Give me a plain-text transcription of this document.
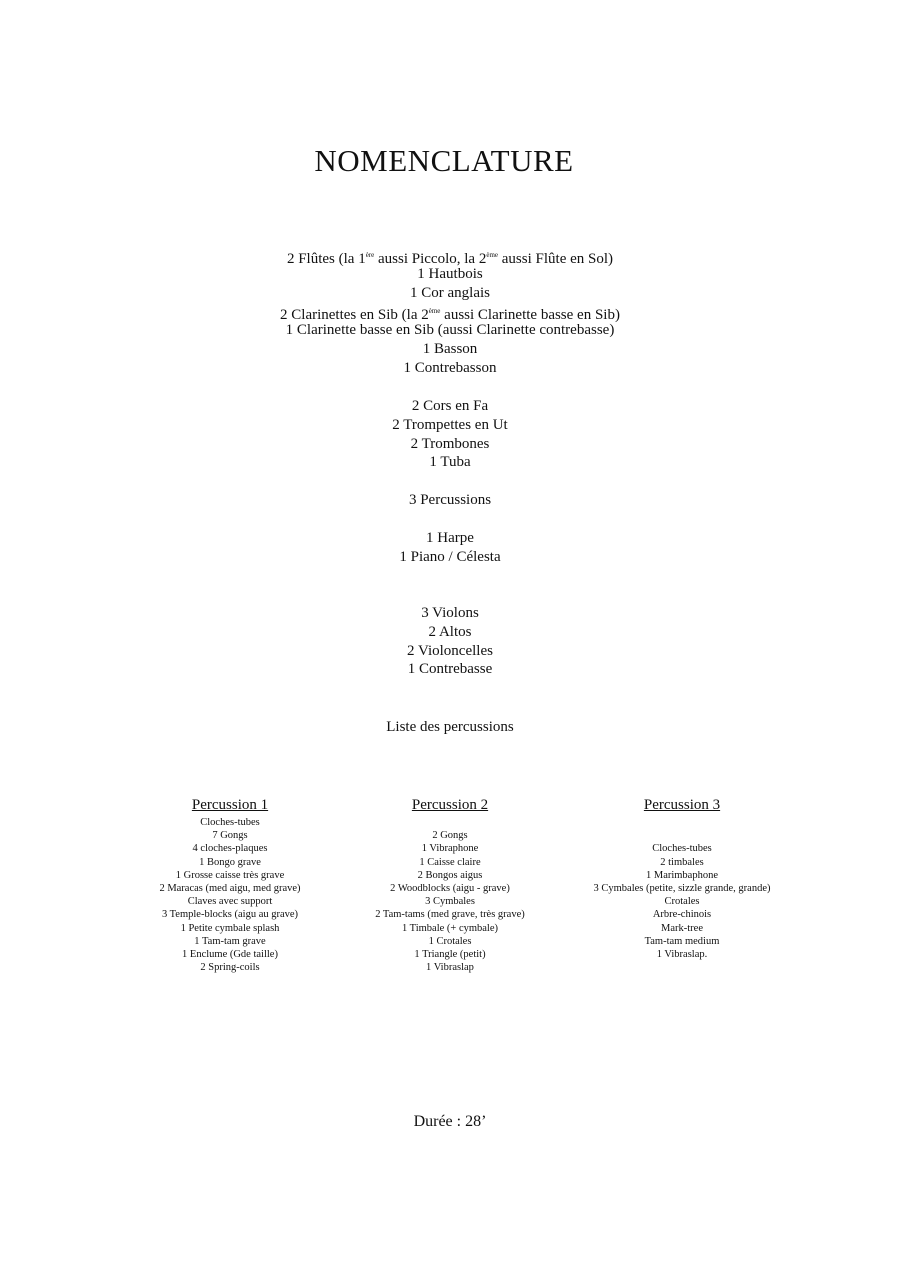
NOMENCLATURE
2 Flûtes (la 1ère aussi Piccolo, la 2ème aussi Flûte en Sol)
1 Hautbois
1 Cor anglais
2 Clarinettes en Sib (la 2ème aussi Clarinette basse en Sib)
1 Clarinette basse en Sib (aussi Clarinette contrebasse)
1 Basson
1 Contrebasson
2 Cors en Fa
2 Trompettes en Ut
2 Trombones
1 Tuba
3 Percussions
1 Harpe
1 Piano / Célesta
3 Violons
2 Altos
2 Violoncelles
1 Contrebasse
Liste des percussions
Percussion 1
Cloches-tubes
7 Gongs
4 cloches-plaques
1 Bongo grave
1 Grosse caisse très grave
2 Maracas (med aigu, med grave)
Claves avec support
3 Temple-blocks (aigu au grave)
1 Petite cymbale splash
1 Tam-tam grave
1 Enclume (Gde taille)
2 Spring-coils
Percussion 2
2 Gongs
1 Vibraphone
1 Caisse claire
2 Bongos aigus
2 Woodblocks (aigu - grave)
3 Cymbales
2 Tam-tams (med grave, très grave)
1 Timbale (+ cymbale)
1 Crotales
1 Triangle (petit)
1 Vibraslap
Percussion 3
Cloches-tubes
2 timbales
1 Marimbaphone
3 Cymbales (petite, sizzle grande, grande)
Crotales
Arbre-chinois
Mark-tree
Tam-tam medium
1 Vibraslap.
Durée : 28’
